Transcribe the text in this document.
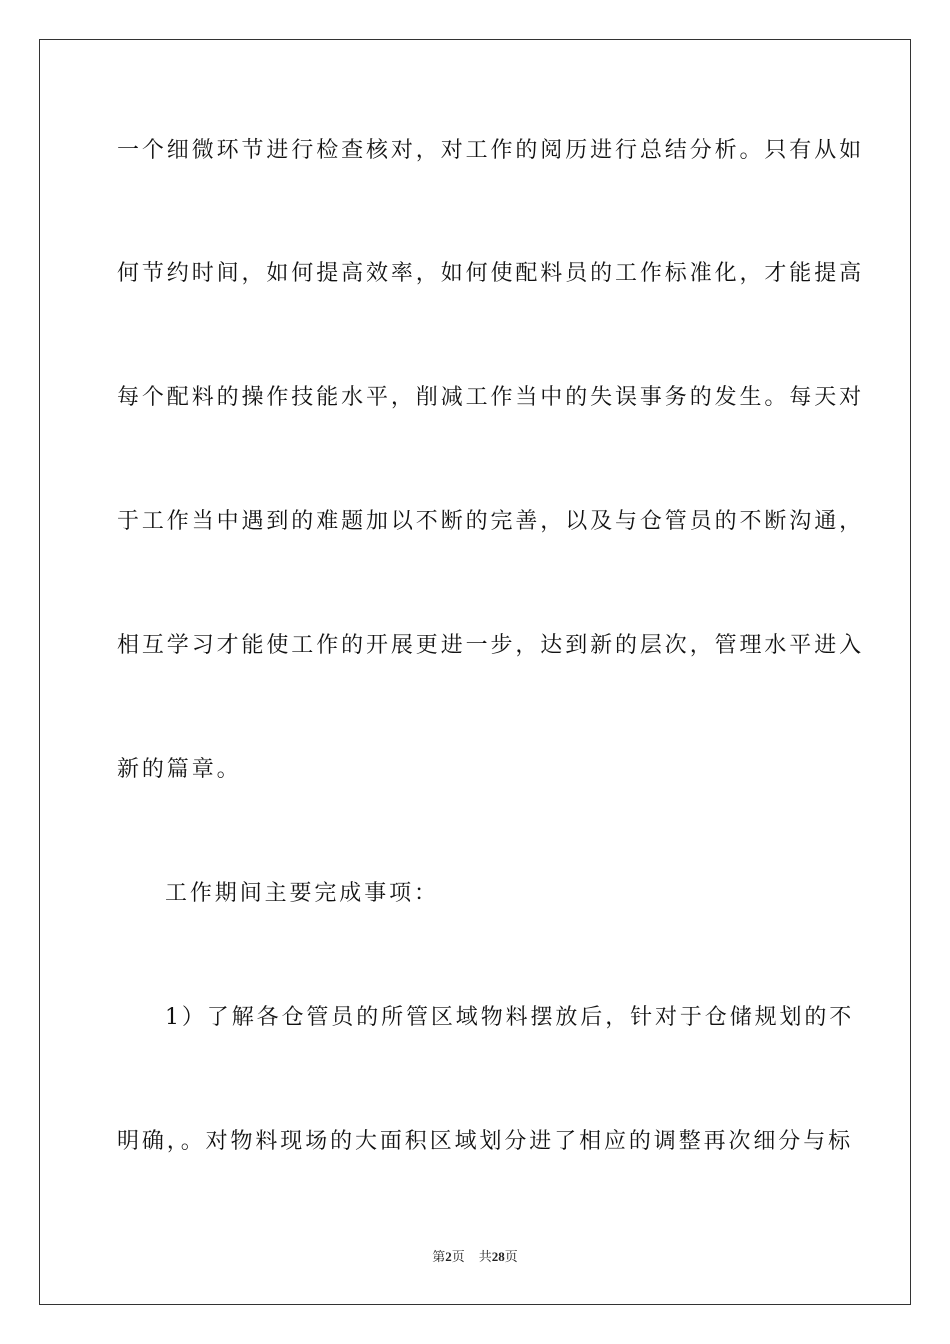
一个细微环节进行检查核对，对工作的阅历进行总结分析。只有从如
何节约时间，如何提高效率，如何使配料员的工作标准化，才能提高
每个配料的操作技能水平，削减工作当中的失误事务的发生。每天对
于工作当中遇到的难题加以不断的完善，以及与仓管员的不断沟通，
相互学习才能使工作的开展更进一步，达到新的层次，管理水平进入
新的篇章。
工作期间主要完成事项：
1）了解各仓管员的所管区域物料摆放后，针对于仓储规划的不
明确，。对物料现场的大面积区域划分进了相应的调整再次细分与标
第2页 共28页
